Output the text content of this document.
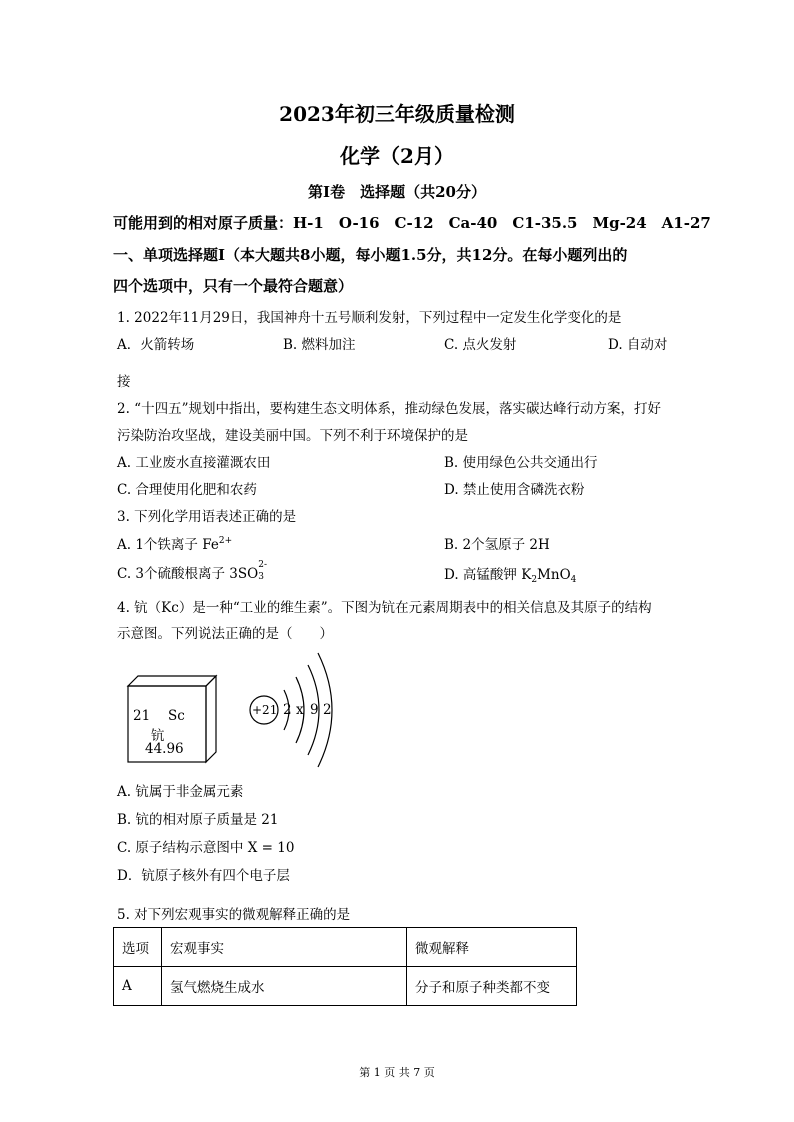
2023年初三年级质量检测
化学（2月）
第Ⅰ卷　选择题（共20分）
可能用到的相对原子质量：H-1　O-16　C-12　Ca-40　C1-35.5　Mg-24　A1-27
一、单项选择题Ⅰ（本大题共8小题，每小题1.5分，共12分。在每小题列出的
四个选项中，只有一个最符合题意）
1. 2022年11月29日，我国神舟十五号顺利发射，下列过程中一定发生化学变化的是
A．火箭转场	B. 燃料加注	C. 点火发射	D. 自动对
接
2. “十四五”规划中指出，要构建生态文明体系，推动绿色发展，落实碳达峰行动方案，打好
污染防治攻坚战，建设美丽中国。下列不利于环境保护的是
A. 工业废水直接灌溉农田	B. 使用绿色公共交通出行
C. 合理使用化肥和农药	D. 禁止使用含磷洗衣粉
3. 下列化学用语表述正确的是
A. 1个铁离子 $Fe^{2+}$	B. 2个氢原子 2H
C. 3个硫酸根离子 3SO
2-
3	D. 高锰酸钾 $K_2MnO_4$
4. 钪（Kc）是一种“工业的维生素”。下图为钪在元素周期表中的相关信息及其原子的结构
示意图。下列说法正确的是（　　）
21 Sc
钪
44.96
+21 2 x 9 2
A. 钪属于非金属元素
B. 钪的相对原子质量是 21
C. 原子结构示意图中 X = 10
D．钪原子核外有四个电子层
5. 对下列宏观事实的微观解释正确的是
选项	宏观事实	微观解释
A	氢气燃烧生成水	分子和原子种类都不变
第 1 页 共 7 页
